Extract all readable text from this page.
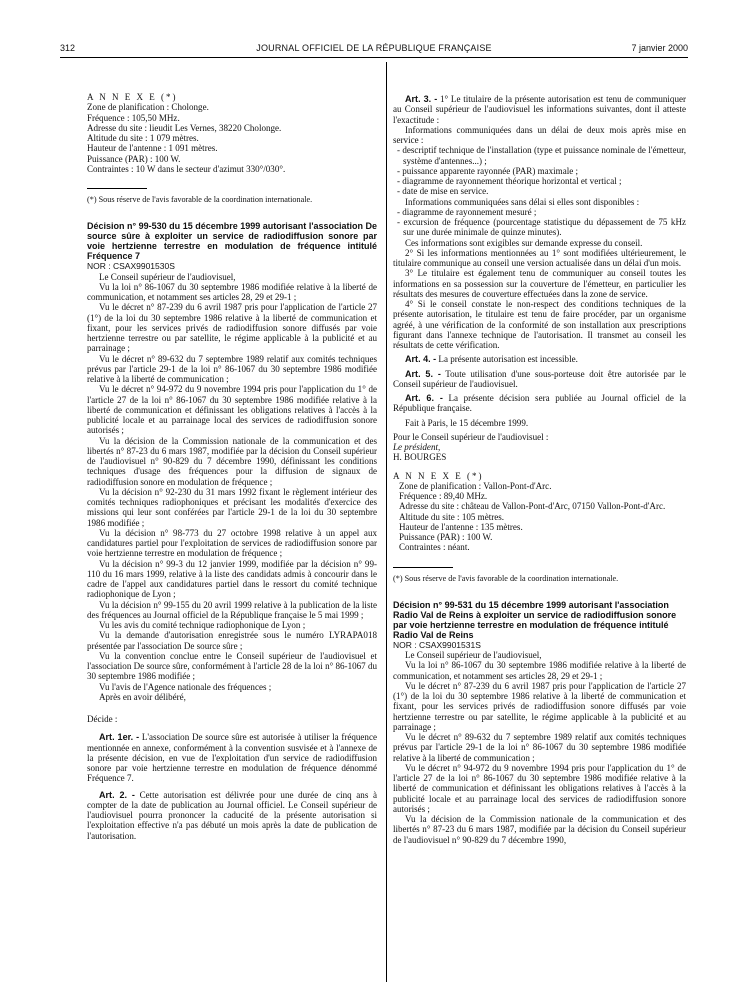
312	JOURNAL OFFICIEL DE LA RÉPUBLIQUE FRANÇAISE	7 janvier 2000

A N N E X E (*)

Zone de planification : Cholonge.

Fréquence : 105,50 MHz.

Adresse du site : lieudit Les Vernes, 38220 Cholonge.

Altitude du site : 1 079 mètres.

Hauteur de l'antenne : 1 091 mètres.

Puissance (PAR) : 100 W.

Contraintes : 10 W dans le secteur d'azimut 330°/030°.

(*) Sous réserve de l'avis favorable de la coordination internationale.

Décision n° 99-530 du 15 décembre 1999 autorisant l'association De source sûre à exploiter un service de radiodiffusion sonore par voie hertzienne terrestre en modulation de fréquence intitulé Fréquence 7

NOR : CSAX9901530S

Le Conseil supérieur de l'audiovisuel,

Vu la loi n° 86-1067 du 30 septembre 1986 modifiée relative à la liberté de communication, et notamment ses articles 28, 29 et 29-1 ;

Vu le décret n° 87-239 du 6 avril 1987 pris pour l'application de l'article 27 (1°) de la loi du 30 septembre 1986 relative à la liberté de communication et fixant, pour les services privés de radiodiffusion sonore diffusés par voie hertzienne terrestre ou par satellite, le régime applicable à la publicité et au parrainage ;

Vu le décret n° 89-632 du 7 septembre 1989 relatif aux comités techniques prévus par l'article 29-1 de la loi n° 86-1067 du 30 septembre 1986 modifiée relative à la liberté de communication ;

Vu le décret n° 94-972 du 9 novembre 1994 pris pour l'application du 1° de l'article 27 de la loi n° 86-1067 du 30 septembre 1986 modifiée relative à la liberté de communication et définissant les obligations relatives à l'accès à la publicité locale et au parrainage local des services de radiodiffusion sonore autorisés ;

Vu la décision de la Commission nationale de la communication et des libertés n° 87-23 du 6 mars 1987, modifiée par la décision du Conseil supérieur de l'audiovisuel n° 90-829 du 7 décembre 1990, définissant les conditions techniques d'usage des fréquences pour la diffusion de signaux de radiodiffusion sonore en modulation de fréquence ;

Vu la décision n° 92-230 du 31 mars 1992 fixant le règlement intérieur des comités techniques radiophoniques et précisant les modalités d'exercice des missions qui leur sont conférées par l'article 29-1 de la loi du 30 septembre 1986 modifiée ;

Vu la décision n° 98-773 du 27 octobre 1998 relative à un appel aux candidatures partiel pour l'exploitation de services de radiodiffusion sonore par voie hertzienne terrestre en modulation de fréquence ;

Vu la décision n° 99-3 du 12 janvier 1999, modifiée par la décision n° 99-110 du 16 mars 1999, relative à la liste des candidats admis à concourir dans le cadre de l'appel aux candidatures partiel dans le ressort du comité technique radiophonique de Lyon ;

Vu la décision n° 99-155 du 20 avril 1999 relative à la publication de la liste des fréquences au Journal officiel de la République française le 5 mai 1999 ;

Vu les avis du comité technique radiophonique de Lyon ;

Vu la demande d'autorisation enregistrée sous le numéro LYRAPA018 présentée par l'association De source sûre ;

Vu la convention conclue entre le Conseil supérieur de l'audiovisuel et l'association De source sûre, conformément à l'article 28 de la loi n° 86-1067 du 30 septembre 1986 modifiée ;

Vu l'avis de l'Agence nationale des fréquences ;

Après en avoir délibéré,

Décide :

Art. 1er. - L'association De source sûre est autorisée à utiliser la fréquence mentionnée en annexe, conformément à la convention susvisée et à l'annexe de la présente décision, en vue de l'exploitation d'un service de radiodiffusion sonore par voie hertzienne terrestre en modulation de fréquence dénommé Fréquence 7.

Art. 2. - Cette autorisation est délivrée pour une durée de cinq ans à compter de la date de publication au Journal officiel. Le Conseil supérieur de l'audiovisuel pourra prononcer la caducité de la présente autorisation si l'exploitation effective n'a pas débuté un mois après la date de publication de l'autorisation.

Art. 3. - 1° Le titulaire de la présente autorisation est tenu de communiquer au Conseil supérieur de l'audiovisuel les informations suivantes, dont il atteste l'exactitude :

Informations communiquées dans un délai de deux mois après mise en service :

- descriptif technique de l'installation (type et puissance nominale de l'émetteur, système d'antennes...) ;

- puissance apparente rayonnée (PAR) maximale ;

- diagramme de rayonnement théorique horizontal et vertical ;

- date de mise en service.

Informations communiquées sans délai si elles sont disponibles :

- diagramme de rayonnement mesuré ;

- excursion de fréquence (pourcentage statistique du dépassement de 75 kHz sur une durée minimale de quinze minutes).

Ces informations sont exigibles sur demande expresse du conseil.

2° Si les informations mentionnées au 1° sont modifiées ultérieurement, le titulaire communique au conseil une version actualisée dans un délai d'un mois.

3° Le titulaire est également tenu de communiquer au conseil toutes les informations en sa possession sur la couverture de l'émetteur, en particulier les résultats des mesures de couverture effectuées dans la zone de service.

4° Si le conseil constate le non-respect des conditions techniques de la présente autorisation, le titulaire est tenu de faire procéder, par un organisme agréé, à une vérification de la conformité de son installation aux prescriptions figurant dans l'annexe technique de l'autorisation. Il transmet au conseil les résultats de cette vérification.

Art. 4. - La présente autorisation est incessible.

Art. 5. - Toute utilisation d'une sous-porteuse doit être autorisée par le Conseil supérieur de l'audiovisuel.

Art. 6. - La présente décision sera publiée au Journal officiel de la République française.

Fait à Paris, le 15 décembre 1999.

Pour le Conseil supérieur de l'audiovisuel :

Le président,

H. BOURGES

A N N E X E (*)

Zone de planification : Vallon-Pont-d'Arc.

Fréquence : 89,40 MHz.

Adresse du site : château de Vallon-Pont-d'Arc, 07150 Vallon-Pont-d'Arc.

Altitude du site : 105 mètres.

Hauteur de l'antenne : 135 mètres.

Puissance (PAR) : 100 W.

Contraintes : néant.

(*) Sous réserve de l'avis favorable de la coordination internationale.

Décision n° 99-531 du 15 décembre 1999 autorisant l'association Radio Val de Reins à exploiter un service de radiodiffusion sonore par voie hertzienne terrestre en modulation de fréquence intitulé Radio Val de Reins

NOR : CSAX9901531S

Le Conseil supérieur de l'audiovisuel,

Vu la loi n° 86-1067 du 30 septembre 1986 modifiée relative à la liberté de communication, et notamment ses articles 28, 29 et 29-1 ;

Vu le décret n° 87-239 du 6 avril 1987 pris pour l'application de l'article 27 (1°) de la loi du 30 septembre 1986 relative à la liberté de communication et fixant, pour les services privés de radiodiffusion sonore diffusés par voie hertzienne terrestre ou par satellite, le régime applicable à la publicité et au parrainage ;

Vu le décret n° 89-632 du 7 septembre 1989 relatif aux comités techniques prévus par l'article 29-1 de la loi n° 86-1067 du 30 septembre 1986 modifiée relative à la liberté de communication ;

Vu le décret n° 94-972 du 9 novembre 1994 pris pour l'application du 1° de l'article 27 de la loi n° 86-1067 du 30 septembre 1986 modifiée relative à la liberté de communication et définissant les obligations relatives à l'accès à la publicité locale et au parrainage local des services de radiodiffusion sonore autorisés ;

Vu la décision de la Commission nationale de la communication et des libertés n° 87-23 du 6 mars 1987, modifiée par la décision du Conseil supérieur de l'audiovisuel n° 90-829 du 7 décembre 1990,
